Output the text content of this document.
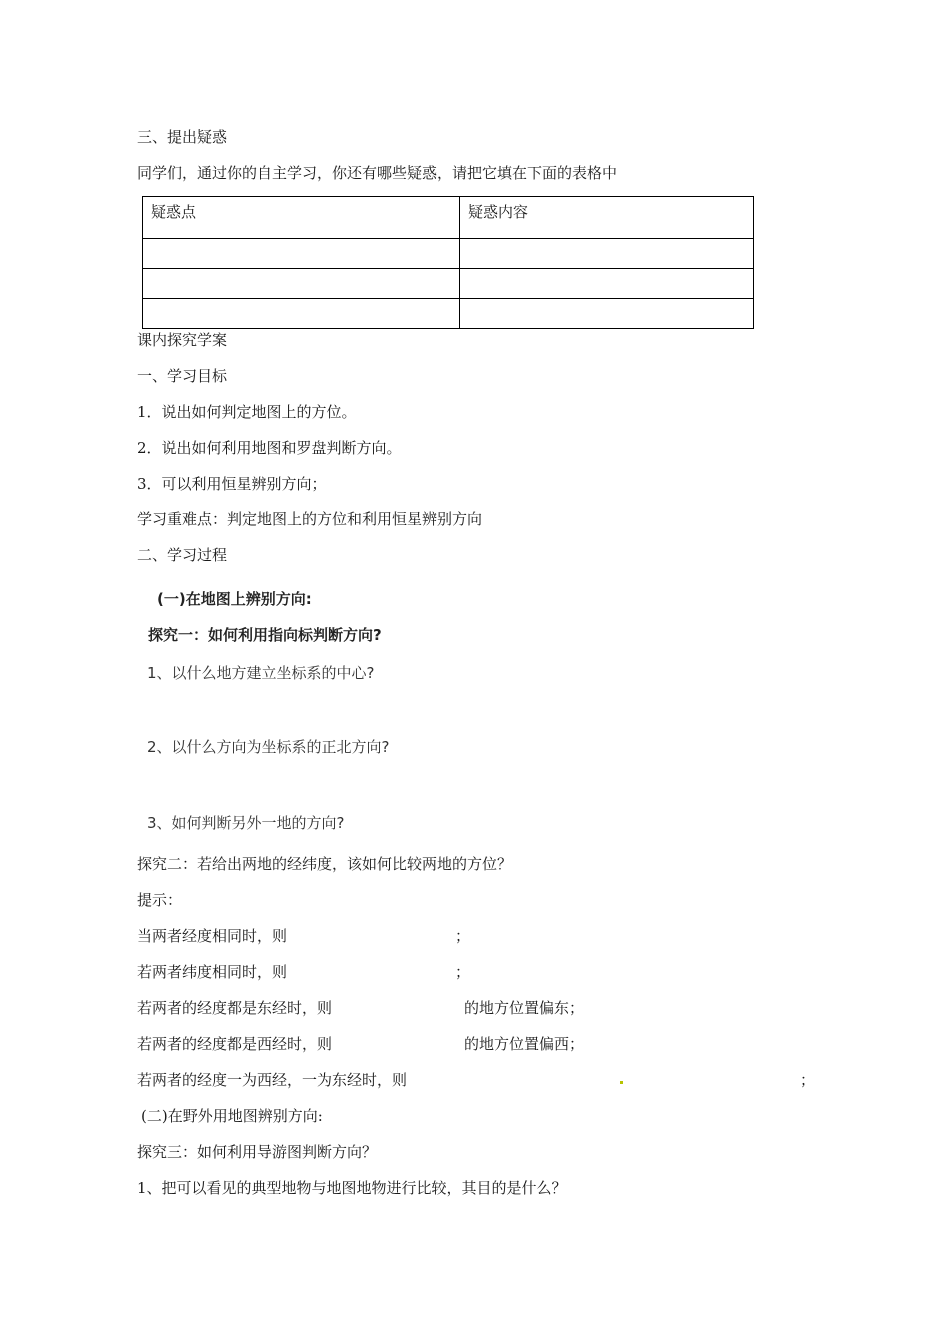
三、提出疑惑
同学们，通过你的自主学习，你还有哪些疑惑，请把它填在下面的表格中
疑惑点	疑惑内容

课内探究学案
一、学习目标
1．说出如何判定地图上的方位。
2．说出如何利用地图和罗盘判断方向。
3．可以利用恒星辨别方向；
学习重难点：判定地图上的方位和利用恒星辨别方向
二、学习过程
(一)在地图上辨别方向:
探究一：如何利用指向标判断方向?
1、以什么地方建立坐标系的中心?
2、以什么方向为坐标系的正北方向?
3、如何判断另外一地的方向?
探究二：若给出两地的经纬度，该如何比较两地的方位？
提示：
当两者经度相同时，则	；
若两者纬度相同时，则	；
若两者的经度都是东经时，则	的地方位置偏东；
若两者的经度都是西经时，则	的地方位置偏西；
若两者的经度一为西经，一为东经时，则	；
(二)在野外用地图辨别方向:
探究三：如何利用导游图判断方向？
1、把可以看见的典型地物与地图地物进行比较，其目的是什么？
